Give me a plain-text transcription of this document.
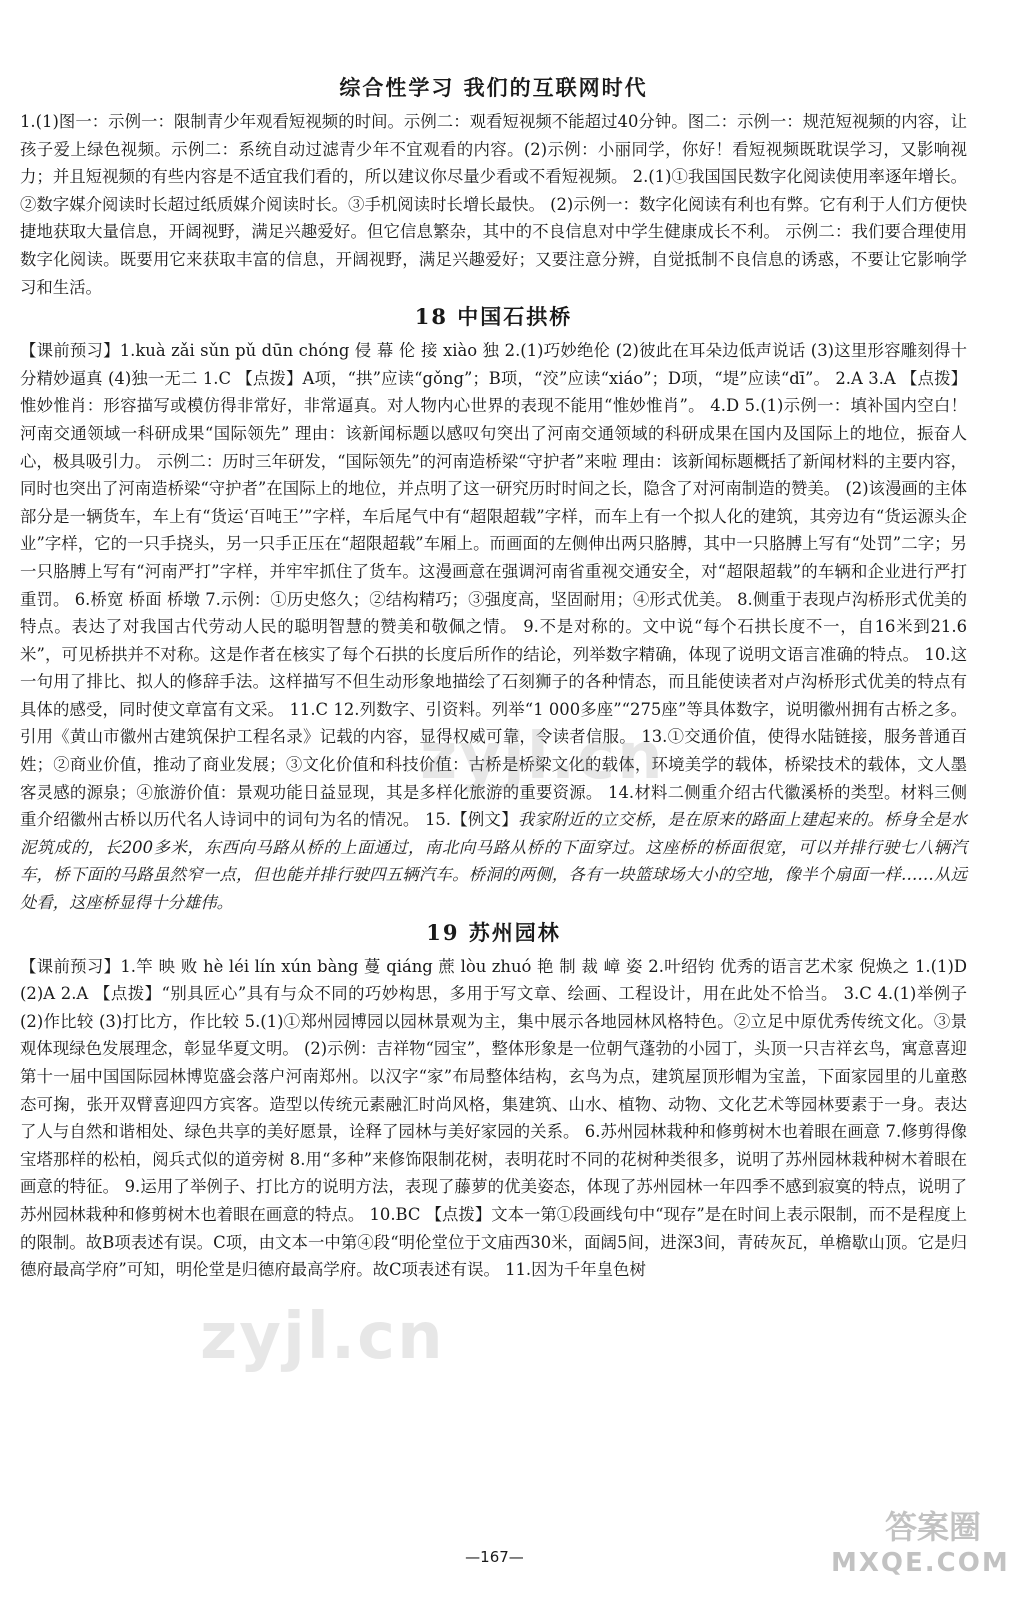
综合性学习 我们的互联网时代

1.(1)图一：示例一：限制青少年观看短视频的时间。示例二：观看短视频不能超过40分钟。图二：示例一：规范短视频的内容，让孩子爱上绿色视频。示例二：系统自动过滤青少年不宜观看的内容。(2)示例：小丽同学，你好！看短视频既耽误学习，又影响视力；并且短视频的有些内容是不适宜我们看的，所以建议你尽量少看或不看短视频。 2.(1)①我国国民数字化阅读使用率逐年增长。②数字媒介阅读时长超过纸质媒介阅读时长。③手机阅读时长增长最快。 (2)示例一：数字化阅读有利也有弊。它有利于人们方便快捷地获取大量信息，开阔视野，满足兴趣爱好。但它信息繁杂，其中的不良信息对中学生健康成长不利。 示例二：我们要合理使用数字化阅读。既要用它来获取丰富的信息，开阔视野，满足兴趣爱好；又要注意分辨，自觉抵制不良信息的诱惑，不要让它影响学习和生活。

18 中国石拱桥

【课前预习】1.kuà zǎi sǔn pǔ dūn chóng 侵 幕 伦 接 xiào 独 2.(1)巧妙绝伦 (2)彼此在耳朵边低声说话 (3)这里形容雕刻得十分精妙逼真 (4)独一无二 1.C 【点拨】A项，“拱”应读“gǒng”；B项，“洨”应读“xiáo”；D项，“堤”应读“dī”。 2.A 3.A 【点拨】惟妙惟肖：形容描写或模仿得非常好，非常逼真。对人物内心世界的表现不能用“惟妙惟肖”。 4.D 5.(1)示例一：填补国内空白！河南交通领域一科研成果“国际领先” 理由：该新闻标题以感叹句突出了河南交通领域的科研成果在国内及国际上的地位，振奋人心，极具吸引力。 示例二：历时三年研发，“国际领先”的河南造桥梁“守护者”来啦 理由：该新闻标题概括了新闻材料的主要内容，同时也突出了河南造桥梁“守护者”在国际上的地位，并点明了这一研究历时时间之长，隐含了对河南制造的赞美。 (2)该漫画的主体部分是一辆货车，车上有“货运‘百吨王’”字样，车后尾气中有“超限超载”字样，而车上有一个拟人化的建筑，其旁边有“货运源头企业”字样，它的一只手挠头，另一只手正压在“超限超载”车厢上。而画面的左侧伸出两只胳膊，其中一只胳膊上写有“处罚”二字；另一只胳膊上写有“河南严打”字样，并牢牢抓住了货车。这漫画意在强调河南省重视交通安全，对“超限超载”的车辆和企业进行严打重罚。 6.桥宽 桥面 桥墩 7.示例：①历史悠久；②结构精巧；③强度高，坚固耐用；④形式优美。 8.侧重于表现卢沟桥形式优美的特点。表达了对我国古代劳动人民的聪明智慧的赞美和敬佩之情。 9.不是对称的。文中说“每个石拱长度不一，自16米到21.6米”，可见桥拱并不对称。这是作者在核实了每个石拱的长度后所作的结论，列举数字精确，体现了说明文语言准确的特点。 10.这一句用了排比、拟人的修辞手法。这样描写不但生动形象地描绘了石刻狮子的各种情态，而且能使读者对卢沟桥形式优美的特点有具体的感受，同时使文章富有文采。 11.C 12.列数字、引资料。列举“1 000多座”“275座”等具体数字，说明徽州拥有古桥之多。引用《黄山市徽州古建筑保护工程名录》记载的内容，显得权威可靠，令读者信服。 13.①交通价值，使得水陆链接，服务普通百姓；②商业价值，推动了商业发展；③文化价值和科技价值：古桥是桥梁文化的载体，环境美学的载体，桥梁技术的载体，文人墨客灵感的源泉；④旅游价值：景观功能日益显现，其是多样化旅游的重要资源。 14.材料二侧重介绍古代徽溪桥的类型。材料三侧重介绍徽州古桥以历代名人诗词中的词句为名的情况。 15.【例文】我家附近的立交桥，是在原来的路面上建起来的。桥身全是水泥筑成的，长200多米，东西向马路从桥的上面通过，南北向马路从桥的下面穿过。这座桥的桥面很宽，可以并排行驶七八辆汽车，桥下面的马路虽然窄一点，但也能并排行驶四五辆汽车。桥洞的两侧，各有一块篮球场大小的空地，像半个扇面一样……从远处看，这座桥显得十分雄伟。

19 苏州园林

【课前预习】1.竿 映 败 hè léi lín xún bàng 蔓 qiáng 蔗 lòu zhuó 艳 制 裁 嶂 姿 2.叶绍钧 优秀的语言艺术家 倪焕之 1.(1)D (2)A 2.A 【点拨】“别具匠心”具有与众不同的巧妙构思，多用于写文章、绘画、工程设计，用在此处不恰当。 3.C 4.(1)举例子 (2)作比较 (3)打比方，作比较 5.(1)①郑州园博园以园林景观为主，集中展示各地园林风格特色。②立足中原优秀传统文化。③景观体现绿色发展理念，彰显华夏文明。 (2)示例：吉祥物“园宝”，整体形象是一位朝气蓬勃的小园丁，头顶一只吉祥玄鸟，寓意喜迎第十一届中国国际园林博览盛会落户河南郑州。以汉字“家”布局整体结构，玄鸟为点，建筑屋顶形帽为宝盖，下面家园里的儿童憨态可掬，张开双臂喜迎四方宾客。造型以传统元素融汇时尚风格，集建筑、山水、植物、动物、文化艺术等园林要素于一身。表达了人与自然和谐相处、绿色共享的美好愿景，诠释了园林与美好家园的关系。 6.苏州园林栽种和修剪树木也着眼在画意 7.修剪得像宝塔那样的松柏，阅兵式似的道旁树 8.用“多种”来修饰限制花树，表明花时不同的花树种类很多，说明了苏州园林栽种树木着眼在画意的特征。 9.运用了举例子、打比方的说明方法，表现了藤萝的优美姿态，体现了苏州园林一年四季不感到寂寞的特点，说明了苏州园林栽种和修剪树木也着眼在画意的特点。 10.BC 【点拨】文本一第①段画线句中“现存”是在时间上表示限制，而不是程度上的限制。故B项表述有误。C项，由文本一中第④段“明伦堂位于文庙西30米，面阔5间，进深3间，青砖灰瓦，单檐歇山顶。它是归德府最高学府”可知，明伦堂是归德府最高学府。故C项表述有误。 11.因为千年皇色树

—167—
zyjl.cn
zyjl.cn
答案圈
MXQE.COM
